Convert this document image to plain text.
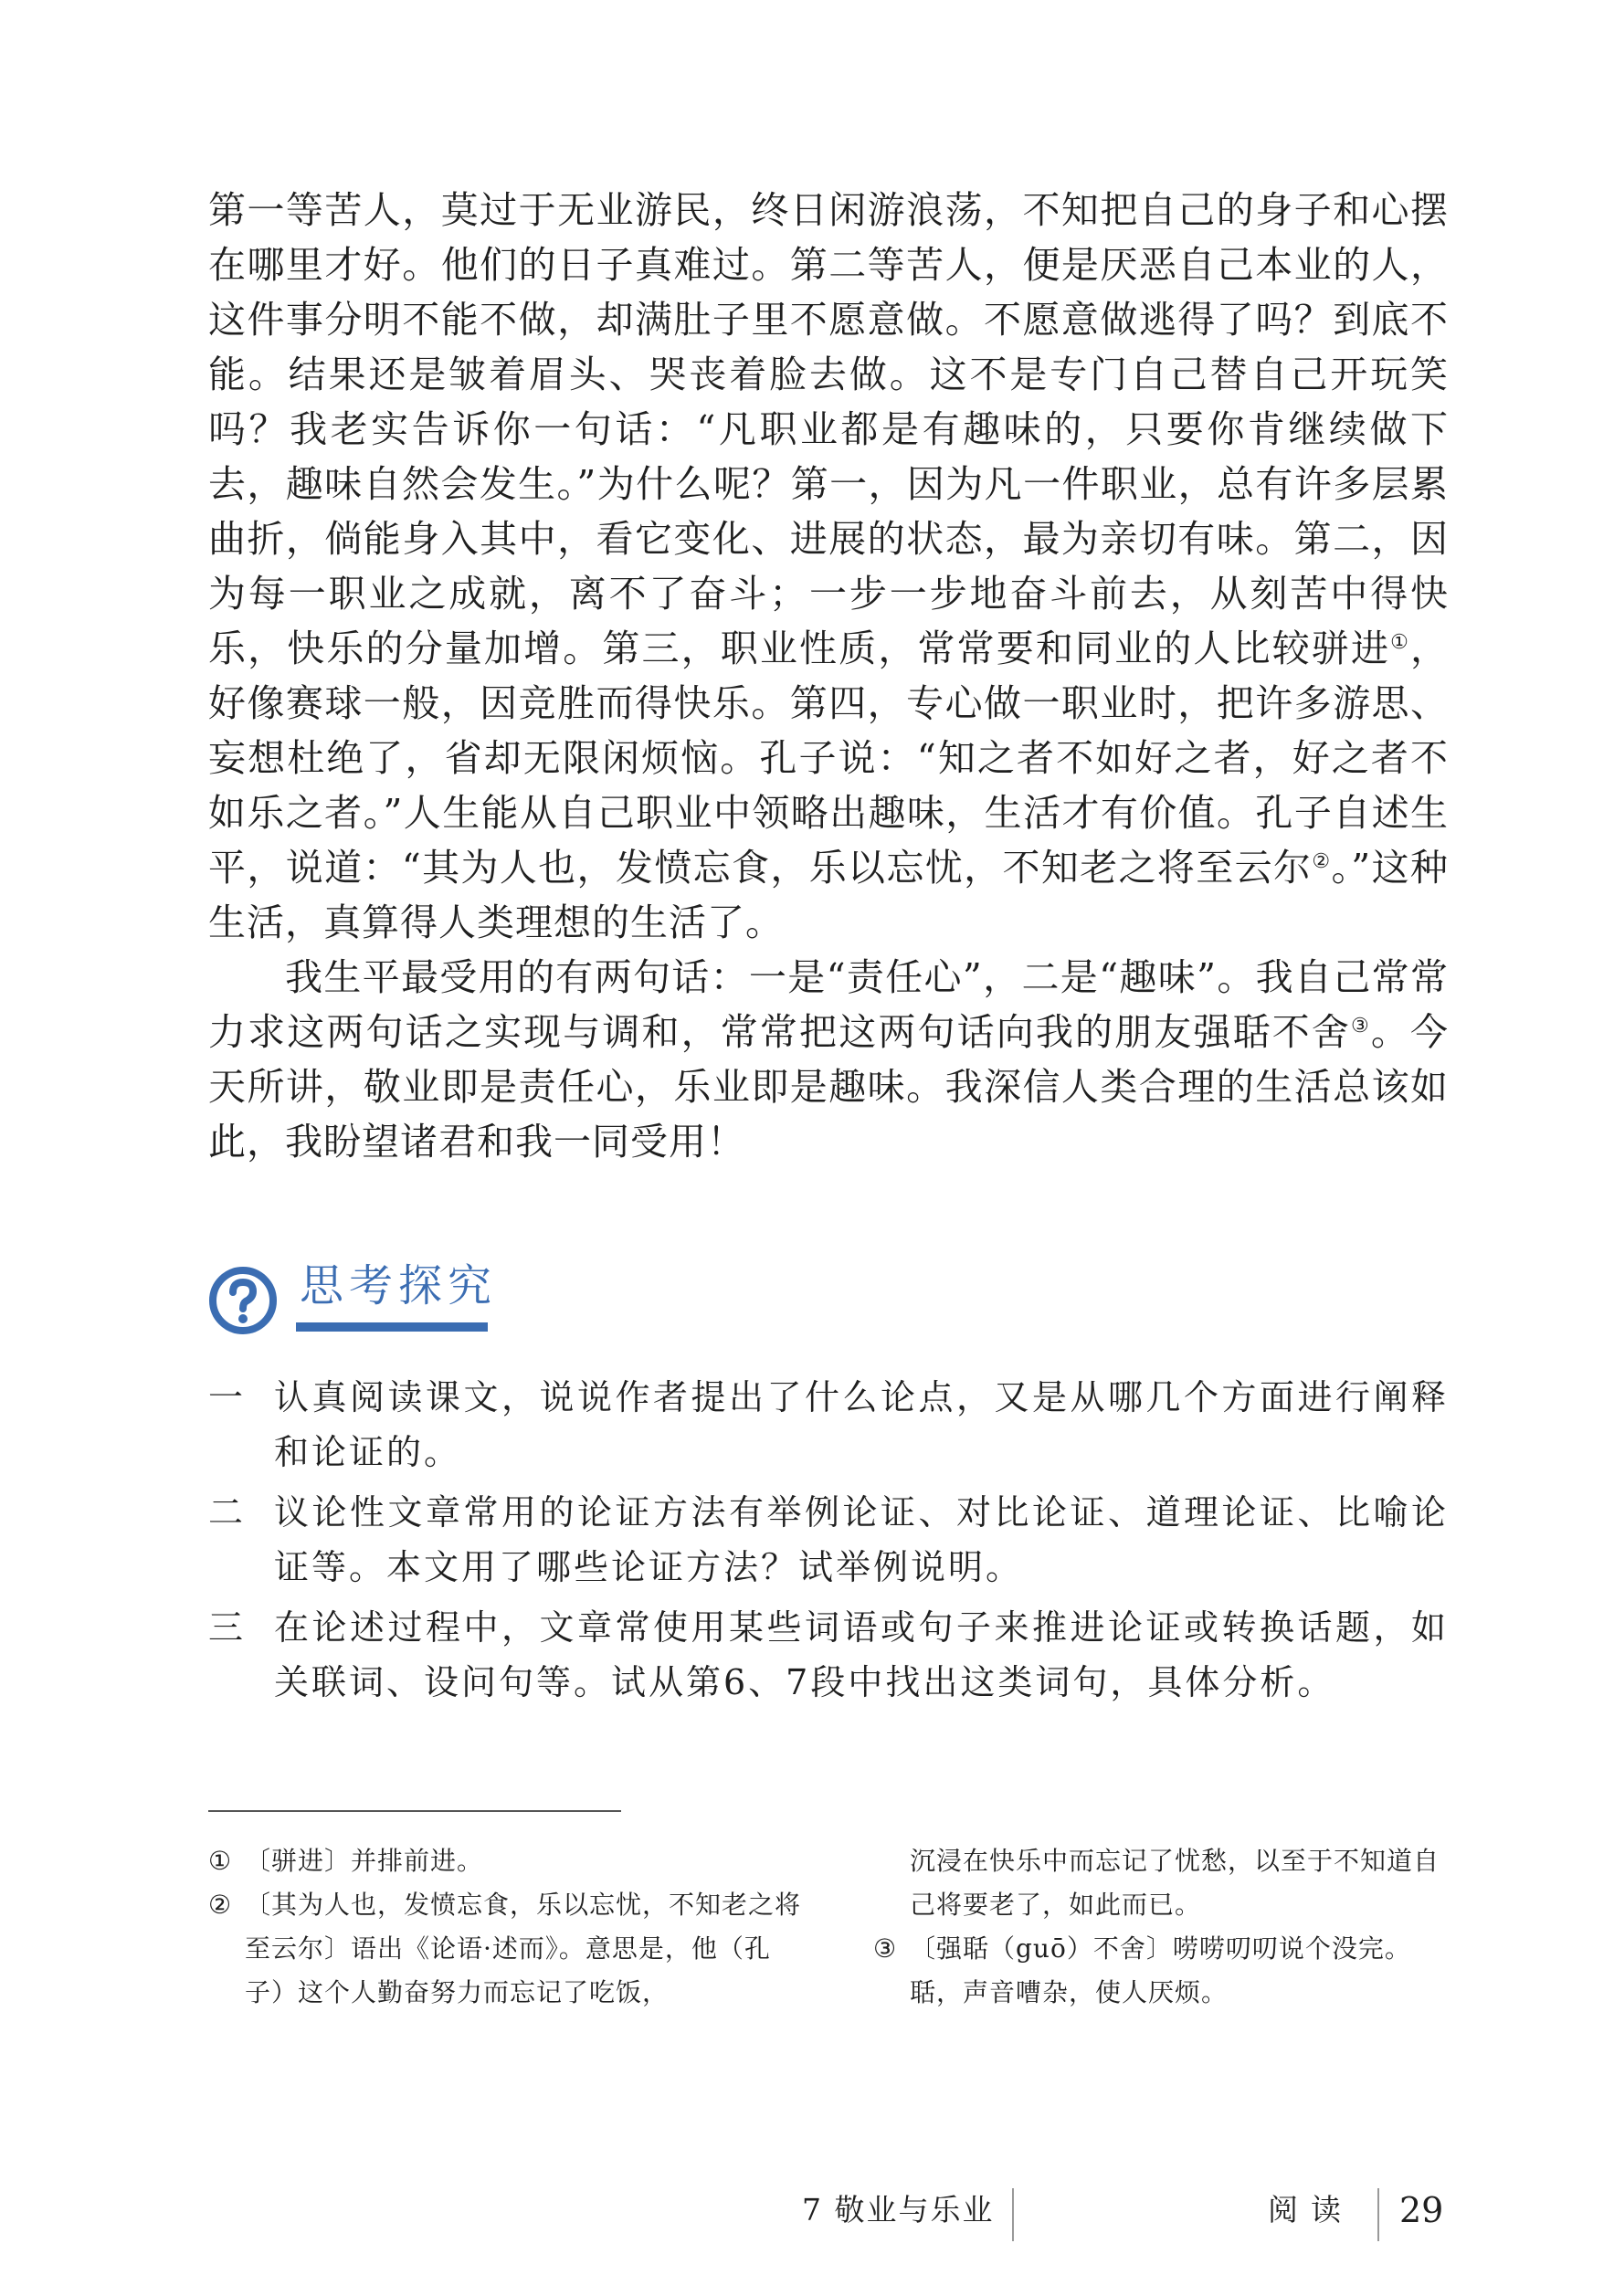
第一等苦人，莫过于无业游民，终日闲游浪荡，不知把自己的身子和心摆在哪里才好。他们的日子真难过。第二等苦人，便是厌恶自己本业的人，这件事分明不能不做，却满肚子里不愿意做。不愿意做逃得了吗？到底不能。结果还是皱着眉头、哭丧着脸去做。这不是专门自己替自己开玩笑吗？我老实告诉你一句话：“凡职业都是有趣味的，只要你肯继续做下去，趣味自然会发生。”为什么呢？第一，因为凡一件职业，总有许多层累曲折，倘能身入其中，看它变化、进展的状态，最为亲切有味。第二，因为每一职业之成就，离不了奋斗；一步一步地奋斗前去，从刻苦中得快乐，快乐的分量加增。第三，职业性质，常常要和同业的人比较骈进①，好像赛球一般，因竞胜而得快乐。第四，专心做一职业时，把许多游思、妄想杜绝了，省却无限闲烦恼。孔子说：“知之者不如好之者，好之者不如乐之者。”人生能从自己职业中领略出趣味，生活才有价值。孔子自述生平，说道：“其为人也，发愤忘食，乐以忘忧，不知老之将至云尔②。”这种生活，真算得人类理想的生活了。

我生平最受用的有两句话：一是“责任心”，二是“趣味”。我自己常常力求这两句话之实现与调和，常常把这两句话向我的朋友强聒不舍③。今天所讲，敬业即是责任心，乐业即是趣味。我深信人类合理的生活总该如此，我盼望诸君和我一同受用！

思考探究
一 认真阅读课文，说说作者提出了什么论点，又是从哪几个方面进行阐释和论证的。
二 议论性文章常用的论证方法有举例论证、对比论证、道理论证、比喻论证等。本文用了哪些论证方法？试举例说明。
三 在论述过程中，文章常使用某些词语或句子来推进论证或转换话题，如关联词、设问句等。试从第6、7段中找出这类词句，具体分析。
① 〔骈进〕并排前进。
② 〔其为人也，发愤忘食，乐以忘忧，不知老之将至云尔〕语出《论语·述而》。意思是，他（孔子）这个人勤奋努力而忘记了吃饭，
沉浸在快乐中而忘记了忧愁，以至于不知道自己将要老了，如此而已。
③ 〔强聒（guō）不舍〕唠唠叨叨说个没完。聒，声音嘈杂，使人厌烦。
7 敬业与乐业	阅读 29
